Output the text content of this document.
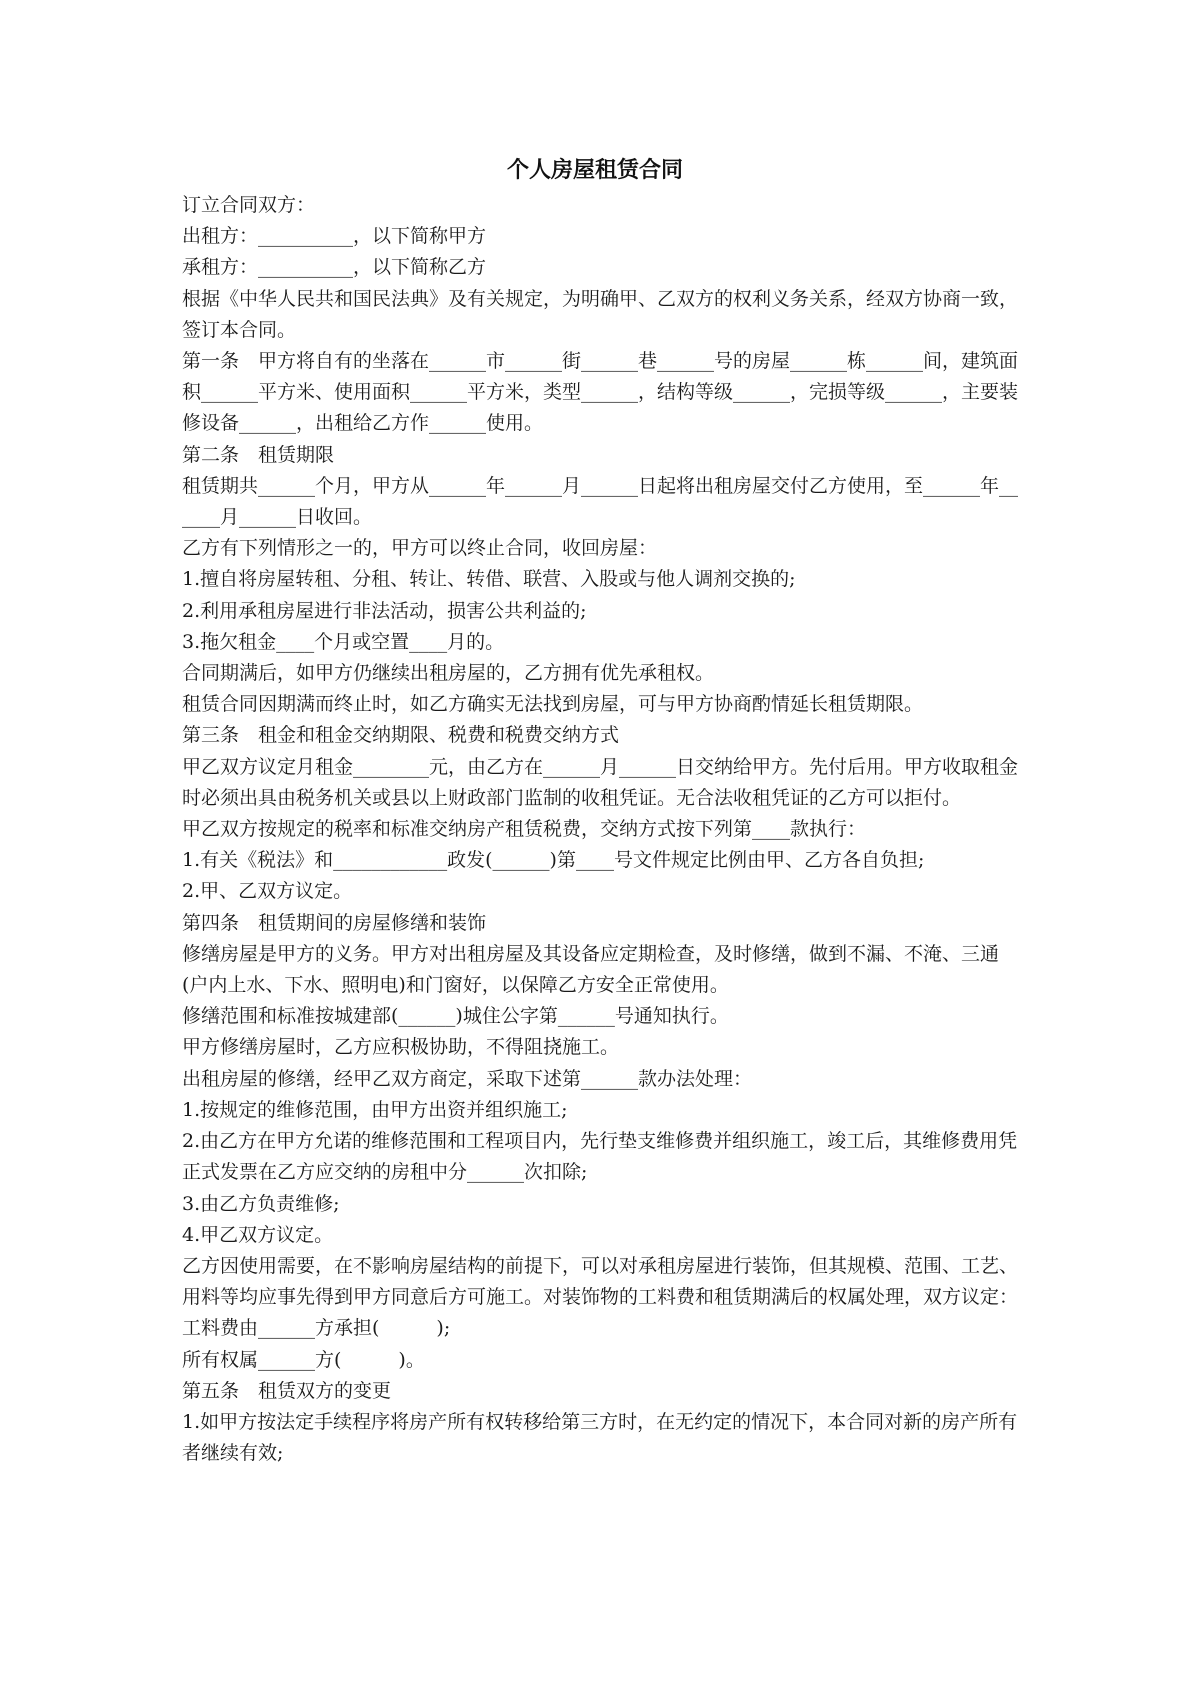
个人房屋租赁合同

订立合同双方：

出租方：__________，以下简称甲方

承租方：__________，以下简称乙方

根据《中华人民共和国民法典》及有关规定，为明确甲、乙双方的权利义务关系，经双方协商一致，签订本合同。

第一条　甲方将自有的坐落在______市______街______巷______号的房屋______栋______间，建筑面积______平方米、使用面积______平方米，类型______，结构等级______，完损等级______，主要装修设备______，出租给乙方作______使用。

第二条　租赁期限

租赁期共______个月，甲方从______年______月______日起将出租房屋交付乙方使用，至______年______月______日收回。

乙方有下列情形之一的，甲方可以终止合同，收回房屋：

1.擅自将房屋转租、分租、转让、转借、联营、入股或与他人调剂交换的;

2.利用承租房屋进行非法活动，损害公共利益的;

3.拖欠租金____个月或空置____月的。

合同期满后，如甲方仍继续出租房屋的，乙方拥有优先承租权。

租赁合同因期满而终止时，如乙方确实无法找到房屋，可与甲方协商酌情延长租赁期限。

第三条　租金和租金交纳期限、税费和税费交纳方式

甲乙双方议定月租金________元，由乙方在______月______日交纳给甲方。先付后用。甲方收取租金时必须出具由税务机关或县以上财政部门监制的收租凭证。无合法收租凭证的乙方可以拒付。

甲乙双方按规定的税率和标准交纳房产租赁税费，交纳方式按下列第____款执行：

1.有关《税法》和____________政发(______)第____号文件规定比例由甲、乙方各自负担;

2.甲、乙双方议定。

第四条　租赁期间的房屋修缮和装饰

修缮房屋是甲方的义务。甲方对出租房屋及其设备应定期检查，及时修缮，做到不漏、不淹、三通(户内上水、下水、照明电)和门窗好，以保障乙方安全正常使用。

修缮范围和标准按城建部(______)城住公字第______号通知执行。

甲方修缮房屋时，乙方应积极协助，不得阻挠施工。

出租房屋的修缮，经甲乙双方商定，采取下述第______款办法处理：

1.按规定的维修范围，由甲方出资并组织施工;

2.由乙方在甲方允诺的维修范围和工程项目内，先行垫支维修费并组织施工，竣工后，其维修费用凭正式发票在乙方应交纳的房租中分______次扣除;

3.由乙方负责维修;

4.甲乙双方议定。

乙方因使用需要，在不影响房屋结构的前提下，可以对承租房屋进行装饰，但其规模、范围、工艺、用料等均应事先得到甲方同意后方可施工。对装饰物的工料费和租赁期满后的权属处理，双方议定：

工料费由______方承担(　　　);

所有权属______方(　　　)。

第五条　租赁双方的变更

1.如甲方按法定手续程序将房产所有权转移给第三方时，在无约定的情况下，本合同对新的房产所有者继续有效;
